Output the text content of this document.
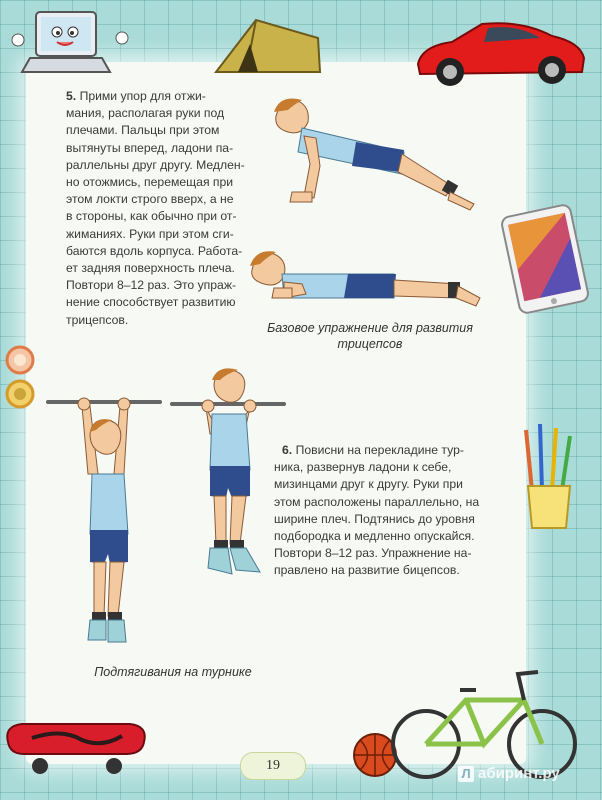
5. Прими упор для отжи-
мания, располагая руки под
плечами. Пальцы при этом
вытянуты вперед, ладони па-
раллельны друг другу. Медлен-
но отожмись, перемещая при
этом локти строго вверх, а не
в стороны, как обычно при от-
жиманиях. Руки при этом сги-
баются вдоль корпуса. Работа-
ет задняя поверхность плеча.
Повтори 8–12 раз. Это упраж-
нение способствует развитию
трицепсов.
Базовое упражнение для развития
трицепсов
6. Повисни на перекладине тур-
ника, развернув ладони к себе,
мизинцами друг к другу. Руки при
этом расположены параллельно, на
ширине плеч. Подтянись до уровня
подбородка и медленно опускайся.
Повтори 8–12 раз. Упражнение на-
правлено на развитие бицепсов.
Подтягивания на турнике
19
Л абиринт.ру
